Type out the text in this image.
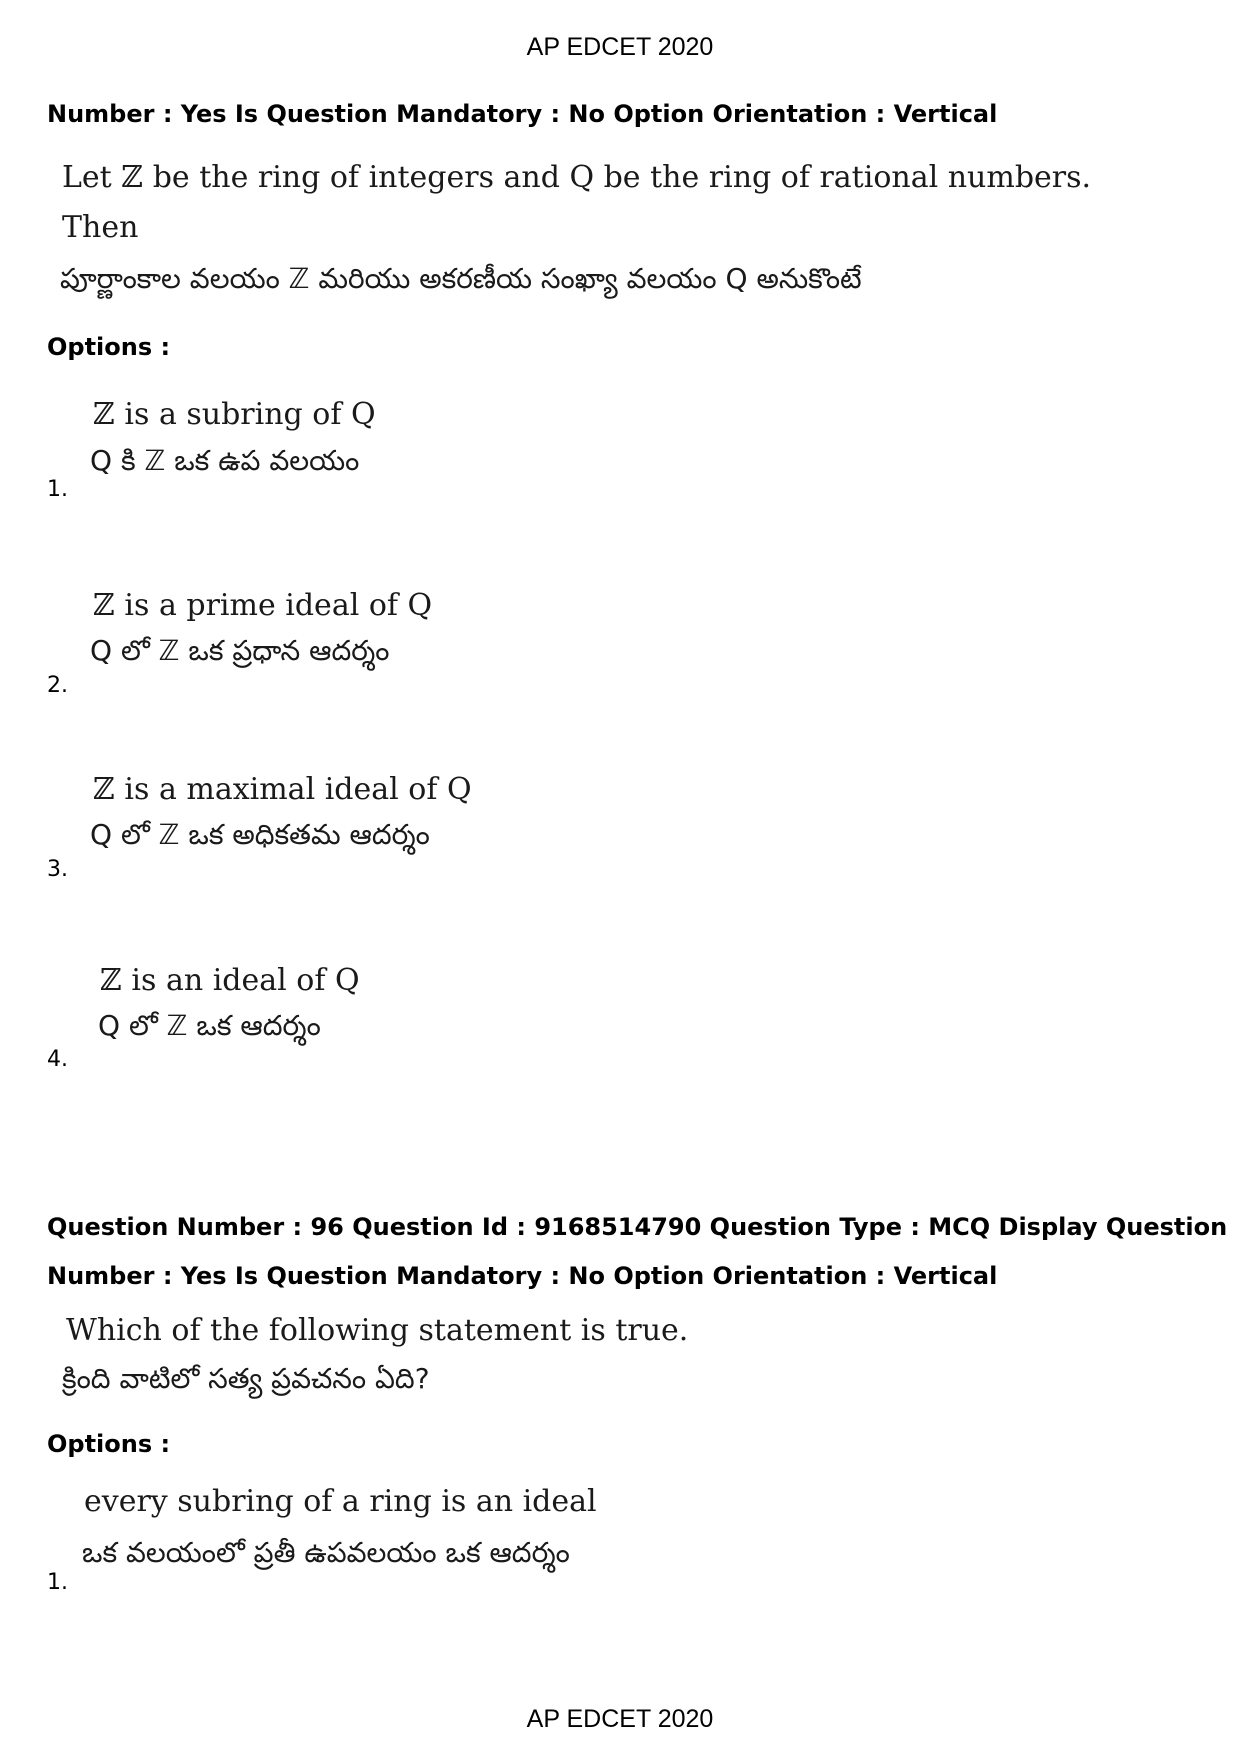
AP EDCET 2020
Number : Yes Is Question Mandatory : No Option Orientation : Vertical
Let ℤ be the ring of integers and Q be the ring of rational numbers.
Then
పూర్ణాంకాల వలయం ℤ మరియు అకరణీయ సంఖ్యా వలయం Q అనుకొంటే
Options :
ℤ is a subring of Q
Q కి ℤ ఒక ఉప వలయం
1.
ℤ is a prime ideal of Q
Q లో ℤ ఒక ప్రధాన ఆదర్శం
2.
ℤ is a maximal ideal of Q
Q లో ℤ ఒక అధికతమ ఆదర్శం
3.
ℤ is an ideal of Q
Q లో ℤ ఒక ఆదర్శం
4.
Question Number : 96 Question Id : 9168514790 Question Type : MCQ Display Question
Number : Yes Is Question Mandatory : No Option Orientation : Vertical
Which of the following statement is true.
క్రింది వాటిలో సత్య ప్రవచనం ఏది?
Options :
every subring of a ring is an ideal
ఒక వలయంలో ప్రతీ ఉపవలయం ఒక ఆదర్శం
1.
AP EDCET 2020
